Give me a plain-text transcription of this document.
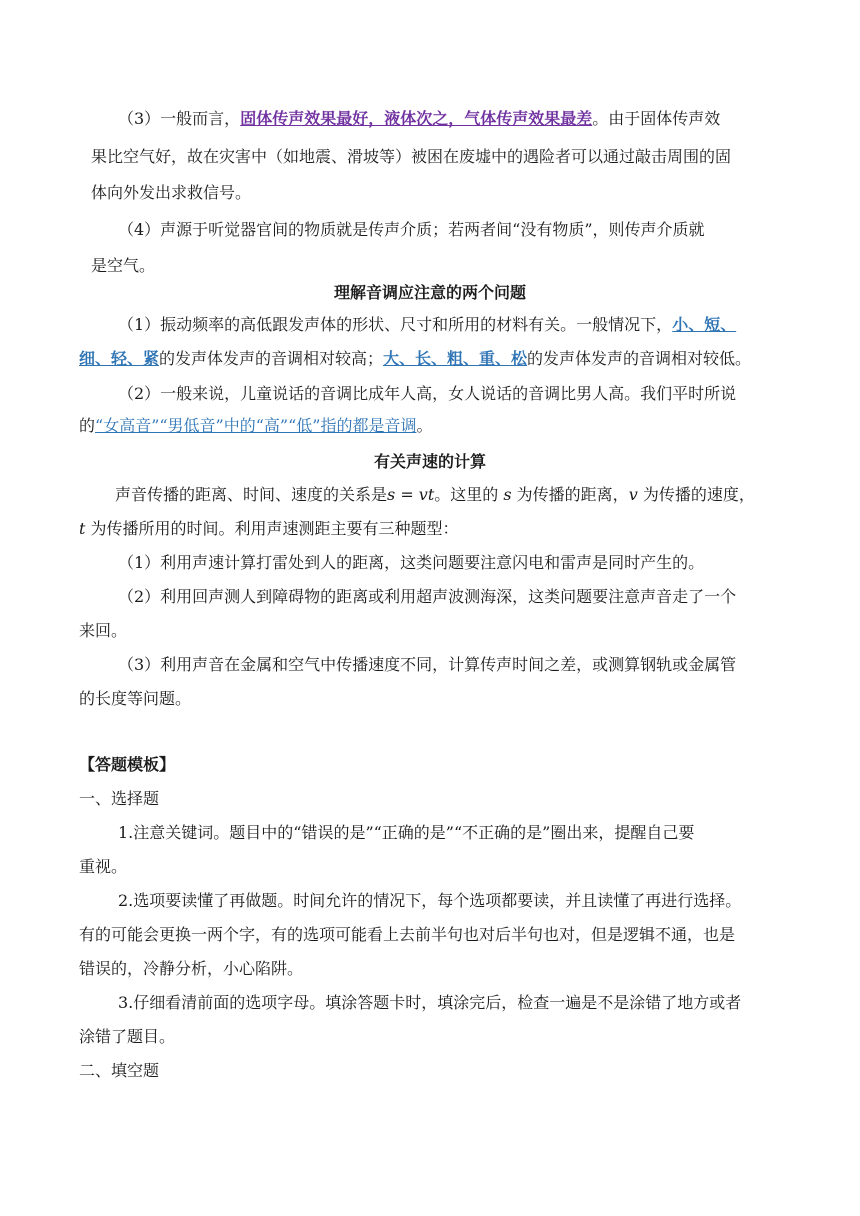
（3）一般而言，固体传声效果最好，液体次之，气体传声效果最差。由于固体传声效
果比空气好，故在灾害中（如地震、滑坡等）被困在废墟中的遇险者可以通过敲击周围的固
体向外发出求救信号。
（4）声源于听觉器官间的物质就是传声介质；若两者间“没有物质”，则传声介质就
是空气。
理解音调应注意的两个问题
（1）振动频率的高低跟发声体的形状、尺寸和所用的材料有关。一般情况下，小、短、
细、轻、紧的发声体发声的音调相对较高；大、长、粗、重、松的发声体发声的音调相对较低。
（2）一般来说，儿童说话的音调比成年人高，女人说话的音调比男人高。我们平时所说
的“女高音”“男低音”中的“高”“低”指的都是音调。
有关声速的计算
声音传播的距离、时间、速度的关系是s = vt。这里的 s 为传播的距离，v 为传播的速度，
t 为传播所用的时间。利用声速测距主要有三种题型：
（1）利用声速计算打雷处到人的距离，这类问题要注意闪电和雷声是同时产生的。
（2）利用回声测人到障碍物的距离或利用超声波测海深，这类问题要注意声音走了一个
来回。
（3）利用声音在金属和空气中传播速度不同，计算传声时间之差，或测算钢轨或金属管
的长度等问题。
【答题模板】
一、选择题
1.注意关键词。题目中的“错误的是”“正确的是”“不正确的是”圈出来，提醒自己要
重视。
2.选项要读懂了再做题。时间允许的情况下，每个选项都要读，并且读懂了再进行选择。
有的可能会更换一两个字，有的选项可能看上去前半句也对后半句也对，但是逻辑不通，也是
错误的，冷静分析，小心陷阱。
3.仔细看清前面的选项字母。填涂答题卡时，填涂完后，检查一遍是不是涂错了地方或者
涂错了题目。
二、填空题
